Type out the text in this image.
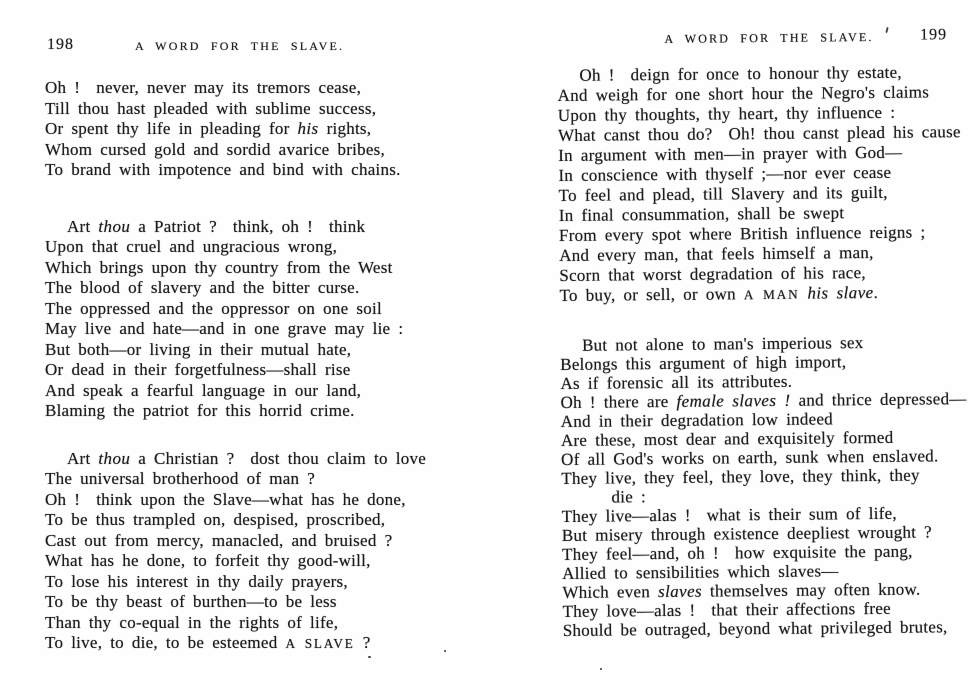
198	A WORD FOR THE SLAVE.
Oh !  never, never may its tremors cease,
Till thou hast pleaded with sublime success,
Or spent thy life in pleading for his rights,
Whom cursed gold and sordid avarice bribes,
To brand with impotence and bind with chains.
Art thou a Patriot ?  think, oh !  think
Upon that cruel and ungracious wrong,
Which brings upon thy country from the West
The blood of slavery and the bitter curse.
The oppressed and the oppressor on one soil
May live and hate—and in one grave may lie :
But both—or living in their mutual hate,
Or dead in their forgetfulness—shall rise
And speak a fearful language in our land,
Blaming the patriot for this horrid crime.
Art thou a Christian ?  dost thou claim to love
The universal brotherhood of man ?
Oh !  think upon the Slave—what has he done,
To be thus trampled on, despised, proscribed,
Cast out from mercy, manacled, and bruised ?
What has he done, to forfeit thy good-will,
To lose his interest in thy daily prayers,
To be thy beast of burthen—to be less
Than thy co-equal in the rights of life,
To live, to die, to be esteemed A SLAVE ?
A WORD FOR THE SLAVE.	199
Oh !  deign for once to honour thy estate,
And weigh for one short hour the Negro's claims
Upon thy thoughts, thy heart, thy influence :
What canst thou do?  Oh! thou canst plead his cause
In argument with men—in prayer with God—
In conscience with thyself ;—nor ever cease
To feel and plead, till Slavery and its guilt,
In final consummation, shall be swept
From every spot where British influence reigns ;
And every man, that feels himself a man,
Scorn that worst degradation of his race,
To buy, or sell, or own A MAN his slave.
But not alone to man's imperious sex
Belongs this argument of high import,
As if forensic all its attributes.
Oh ! there are female slaves ! and thrice depressed—
And in their degradation low indeed
Are these, most dear and exquisitely formed
Of all God's works on earth, sunk when enslaved.
They live, they feel, they love, they think, they
die :
They live—alas !  what is their sum of life,
But misery through existence deepliest wrought ?
They feel—and, oh !  how exquisite the pang,
Allied to sensibilities which slaves—
Which even slaves themselves may often know.
They love—alas !  that their affections free
Should be outraged, beyond what privileged brutes,
